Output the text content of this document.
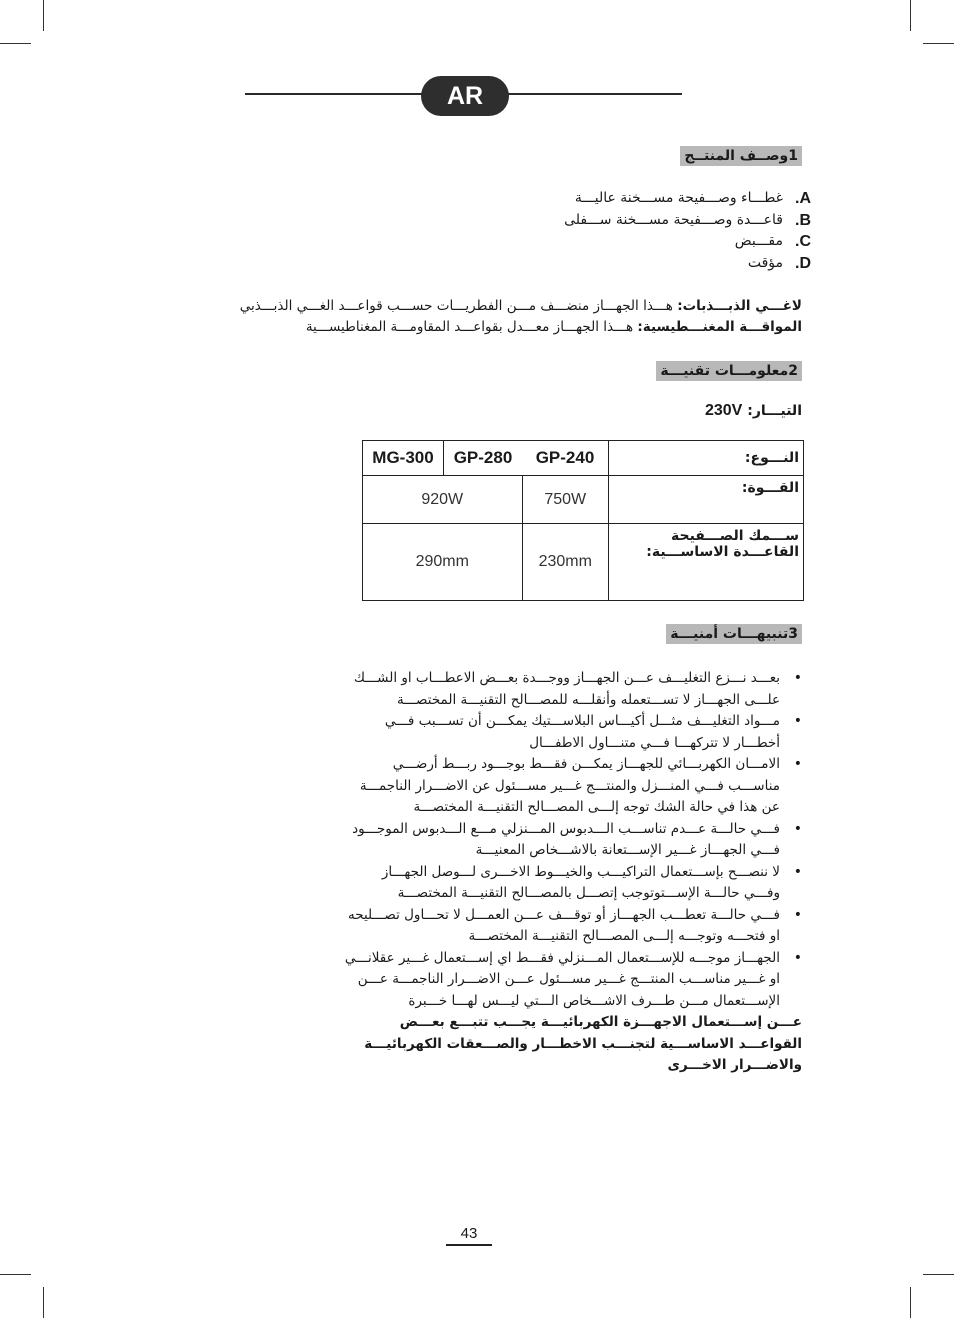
AR
1وصــف المنتــج
A .
غطـــاء وصـــفيحة مســـخنة عاليـــة
B .
قاعـــدة وصـــفيحة مســـخنة ســـفلى
C .
مقـــبض
D .
مؤقت
لاغـــي الذبـــذبات: هـــذا الجهـــاز منضـــف مـــن الفطريـــات حســـب قواعـــد الغـــي الذبـــذبي
المواقـــة المغنـــطيسية: هـــذا الجهـــاز معـــدل بقواعـــد المقاومـــة المغناطيســـية
2معلومـــات تقنيـــة
التيـــار: 230V
MG-300	GP-280	GP-240	النـــوع:
920W		750W	القـــوة:
290mm		230mm	ســـمك الصـــفيحة
القاعـــدة الاساســـية:
3تنبيهـــات أمنيـــة
• بعـــد نـــزع التغليـــف عـــن الجهـــاز ووجـــدة بعـــض الاعطـــاب او الشـــك علـــى الجهـــاز لا تســـتعمله وأنقلـــه للمصـــالح التقنيـــة المختصـــة
• مـــواد التغليـــف مثـــل أكيـــاس البلاســـتيك يمكـــن أن تســـبب فـــي أخطـــار لا تتركهـــا فـــي متنـــاول الاطفـــال
• الامـــان الكهربـــائي للجهـــاز يمكـــن فقـــط بوجـــود ربـــط أرضـــي مناســـب فـــي المنـــزل والمنتـــج غـــير مســـئول عن الاضـــرار الناجمـــة عن هذا في حالة الشك توجه إلـــى المصـــالح التقنيـــة المختصـــة
• فـــي حالـــة عـــدم تناســـب الـــدبوس المـــنزلي مـــع الـــدبوس الموجـــود فـــي الجهـــاز غـــير الإســـتعانة بالاشـــخاص المعنيـــة
• لا ننصـــح بإســـتعمال التراكيـــب والخيـــوط الاخـــرى لـــوصل الجهـــاز وفـــي حالـــة الإســـتوتوجب إتصـــل بالمصـــالح التقنيـــة المختصـــة
• فـــي حالـــة تعطـــب الجهـــاز أو توقـــف عـــن العمـــل لا تحـــاول تصـــليحه او فتحـــه وتوجـــه إلـــى المصـــالح التقنيـــة المختصـــة
• الجهـــاز موجـــه للإســـتعمال المـــنزلي فقـــط اي إســـتعمال غـــير عقلانـــي او غـــير مناســـب المنتـــج غـــير مســـئول عـــن الاضـــرار الناجمـــة عـــن الإســـتعمال مـــن طـــرف الاشـــخاص الـــتي ليـــس لهـــا خـــبرة
عـــن إســـتعمال الاجهـــزة الكهربائيـــة يجـــب تتبـــع بعـــض القواعـــد الاساســـية لتجنـــب الاخطـــار والصـــعقات الكهربائيـــة والاضـــرار الاخـــرى
43
